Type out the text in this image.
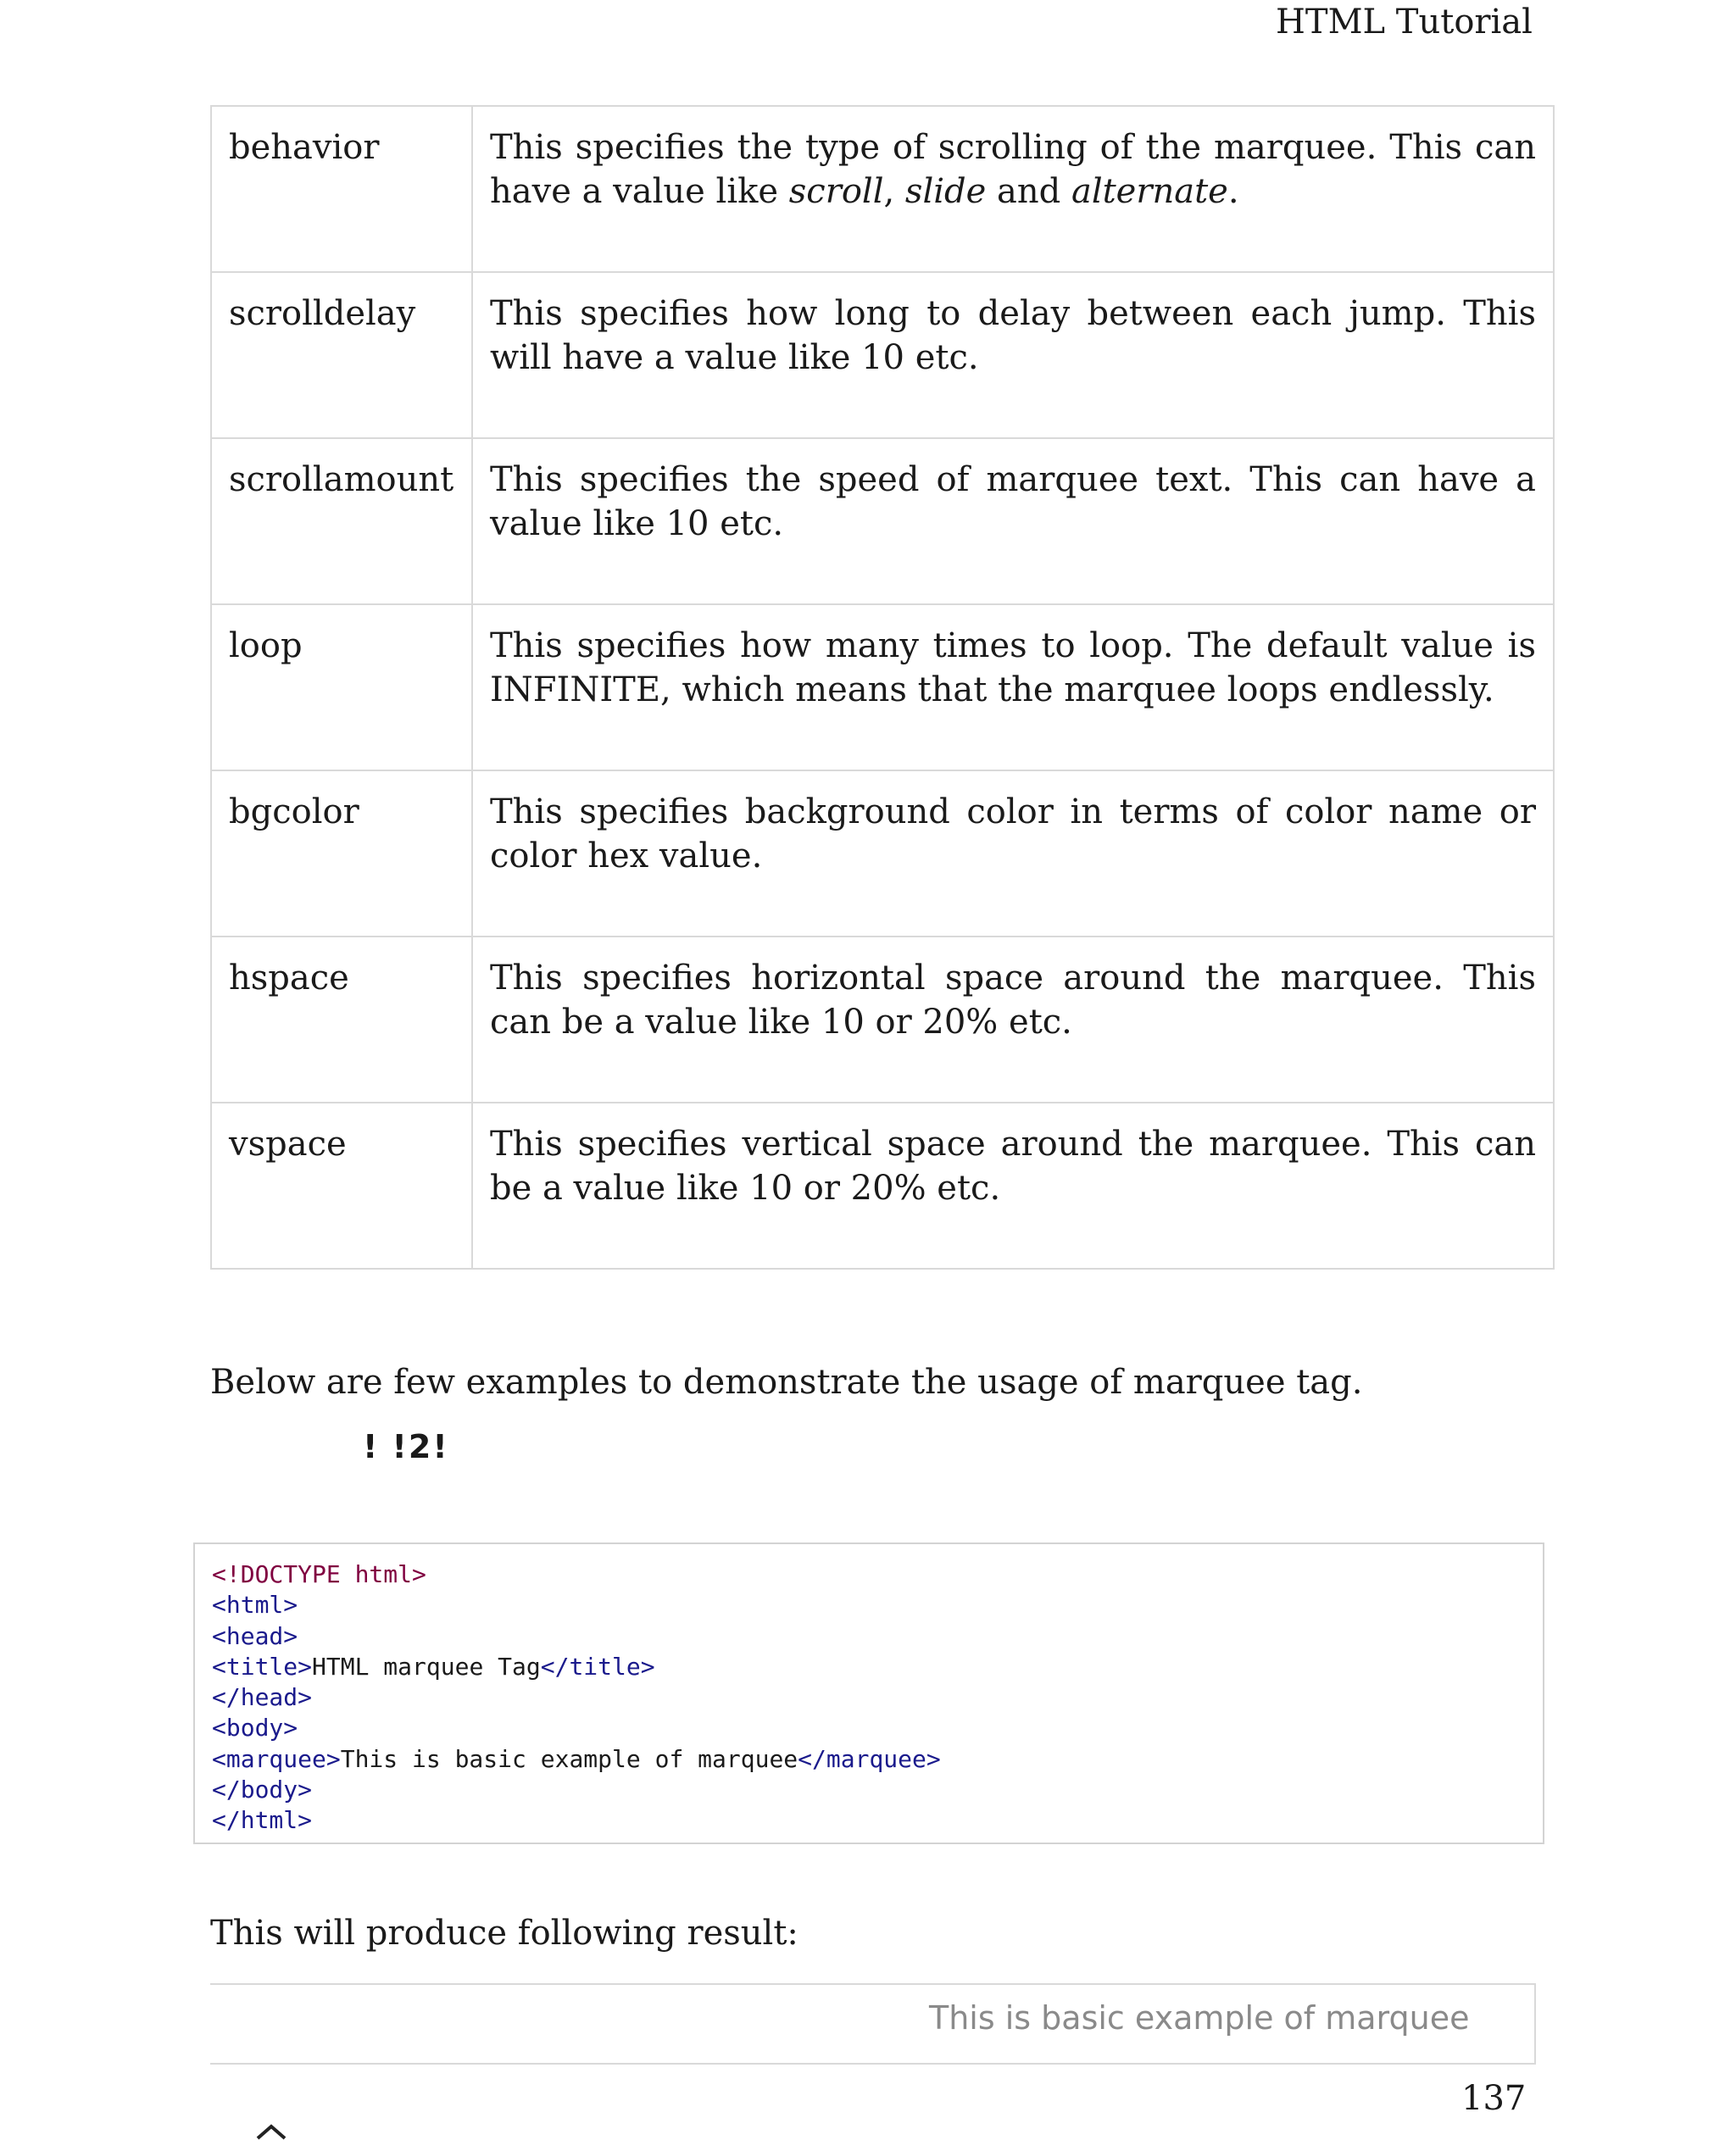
HTML Tutorial
behavior	This specifies the type of scrolling of the marquee. This can have a value like scroll, slide and alternate.
scrolldelay	This specifies how long to delay between each jump. This will have a value like 10 etc.
scrollamount	This specifies the speed of marquee text. This can have a value like 10 etc.
loop	This specifies how many times to loop. The default value is INFINITE, which means that the marquee loops endlessly.
bgcolor	This specifies background color in terms of color name or color hex value.
hspace	This specifies horizontal space around the marquee. This can be a value like 10 or 20% etc.
vspace	This specifies vertical space around the marquee. This can be a value like 10 or 20% etc.
Below are few examples to demonstrate the usage of marquee tag.
! !2!
<!DOCTYPE html>
<html>
<head>
<title>HTML marquee Tag</title>
</head>
<body>
<marquee>This is basic example of marquee</marquee>
</body>
</html>
This will produce following result:
This is basic example of marquee
137
